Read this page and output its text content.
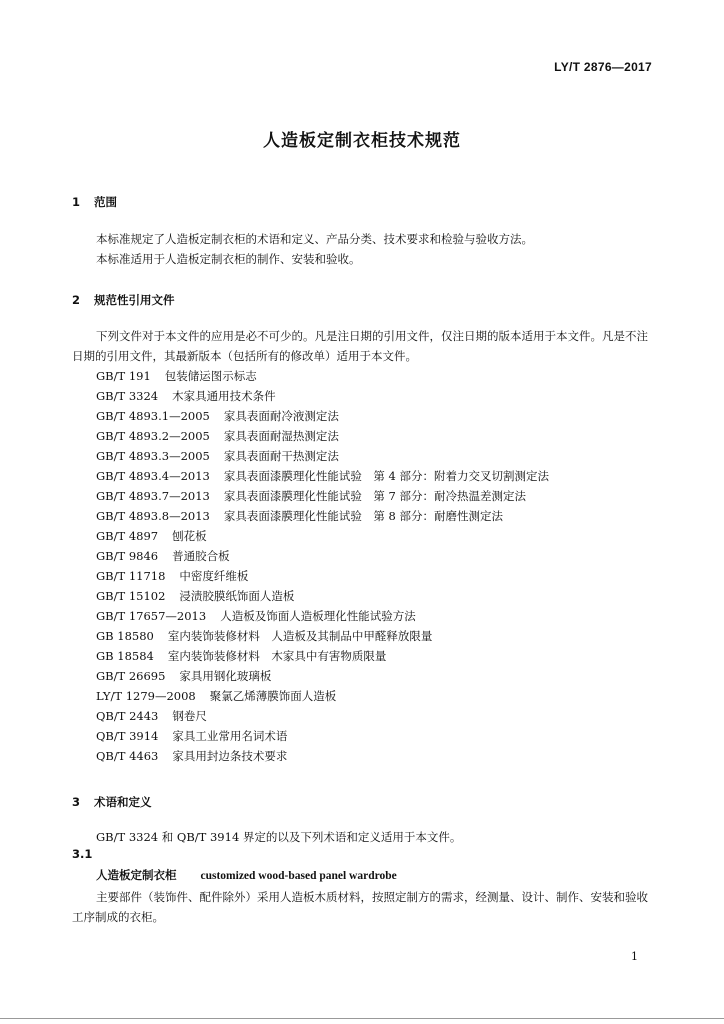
LY/T 2876—2017
人造板定制衣柜技术规范
1 范围
本标准规定了人造板定制衣柜的术语和定义、产品分类、技术要求和检验与验收方法。
本标准适用于人造板定制衣柜的制作、安装和验收。
2 规范性引用文件
下列文件对于本文件的应用是必不可少的。凡是注日期的引用文件，仅注日期的版本适用于本文件。凡是不注日期的引用文件，其最新版本（包括所有的修改单）适用于本文件。
GB/T 191 包装储运图示标志
GB/T 3324 木家具通用技术条件
GB/T 4893.1—2005 家具表面耐冷液测定法
GB/T 4893.2—2005 家具表面耐湿热测定法
GB/T 4893.3—2005 家具表面耐干热测定法
GB/T 4893.4—2013 家具表面漆膜理化性能试验　第 4 部分：附着力交叉切割测定法
GB/T 4893.7—2013 家具表面漆膜理化性能试验　第 7 部分：耐冷热温差测定法
GB/T 4893.8—2013 家具表面漆膜理化性能试验　第 8 部分：耐磨性测定法
GB/T 4897 刨花板
GB/T 9846 普通胶合板
GB/T 11718 中密度纤维板
GB/T 15102 浸渍胶膜纸饰面人造板
GB/T 17657—2013 人造板及饰面人造板理化性能试验方法
GB 18580 室内装饰装修材料　人造板及其制品中甲醛释放限量
GB 18584 室内装饰装修材料　木家具中有害物质限量
GB/T 26695 家具用钢化玻璃板
LY/T 1279—2008 聚氯乙烯薄膜饰面人造板
QB/T 2443 钢卷尺
QB/T 3914 家具工业常用名词术语
QB/T 4463 家具用封边条技术要求
3 术语和定义
GB/T 3324 和 QB/T 3914 界定的以及下列术语和定义适用于本文件。
3.1
人造板定制衣柜 customized wood-based panel wardrobe
主要部件（装饰件、配件除外）采用人造板木质材料，按照定制方的需求，经测量、设计、制作、安装和验收工序制成的衣柜。
1
